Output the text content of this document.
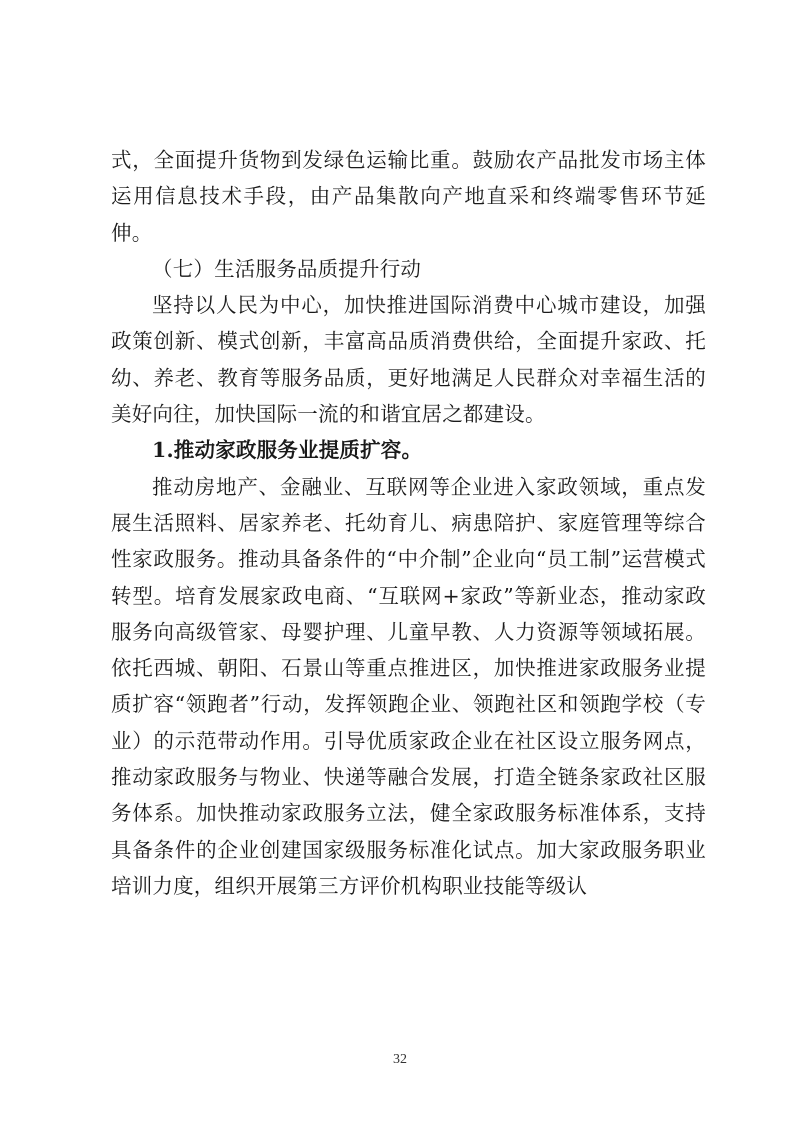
式，全面提升货物到发绿色运输比重。鼓励农产品批发市场主体运用信息技术手段，由产品集散向产地直采和终端零售环节延伸。

（七）生活服务品质提升行动

坚持以人民为中心，加快推进国际消费中心城市建设，加强政策创新、模式创新，丰富高品质消费供给，全面提升家政、托幼、养老、教育等服务品质，更好地满足人民群众对幸福生活的美好向往，加快国际一流的和谐宜居之都建设。

1.推动家政服务业提质扩容。

推动房地产、金融业、互联网等企业进入家政领域，重点发展生活照料、居家养老、托幼育儿、病患陪护、家庭管理等综合性家政服务。推动具备条件的“中介制”企业向“员工制”运营模式转型。培育发展家政电商、“互联网+家政”等新业态，推动家政服务向高级管家、母婴护理、儿童早教、人力资源等领域拓展。依托西城、朝阳、石景山等重点推进区，加快推进家政服务业提质扩容“领跑者”行动，发挥领跑企业、领跑社区和领跑学校（专业）的示范带动作用。引导优质家政企业在社区设立服务网点，推动家政服务与物业、快递等融合发展，打造全链条家政社区服务体系。加快推动家政服务立法，健全家政服务标准体系，支持具备条件的企业创建国家级服务标准化试点。加大家政服务职业培训力度，组织开展第三方评价机构职业技能等级认

32
